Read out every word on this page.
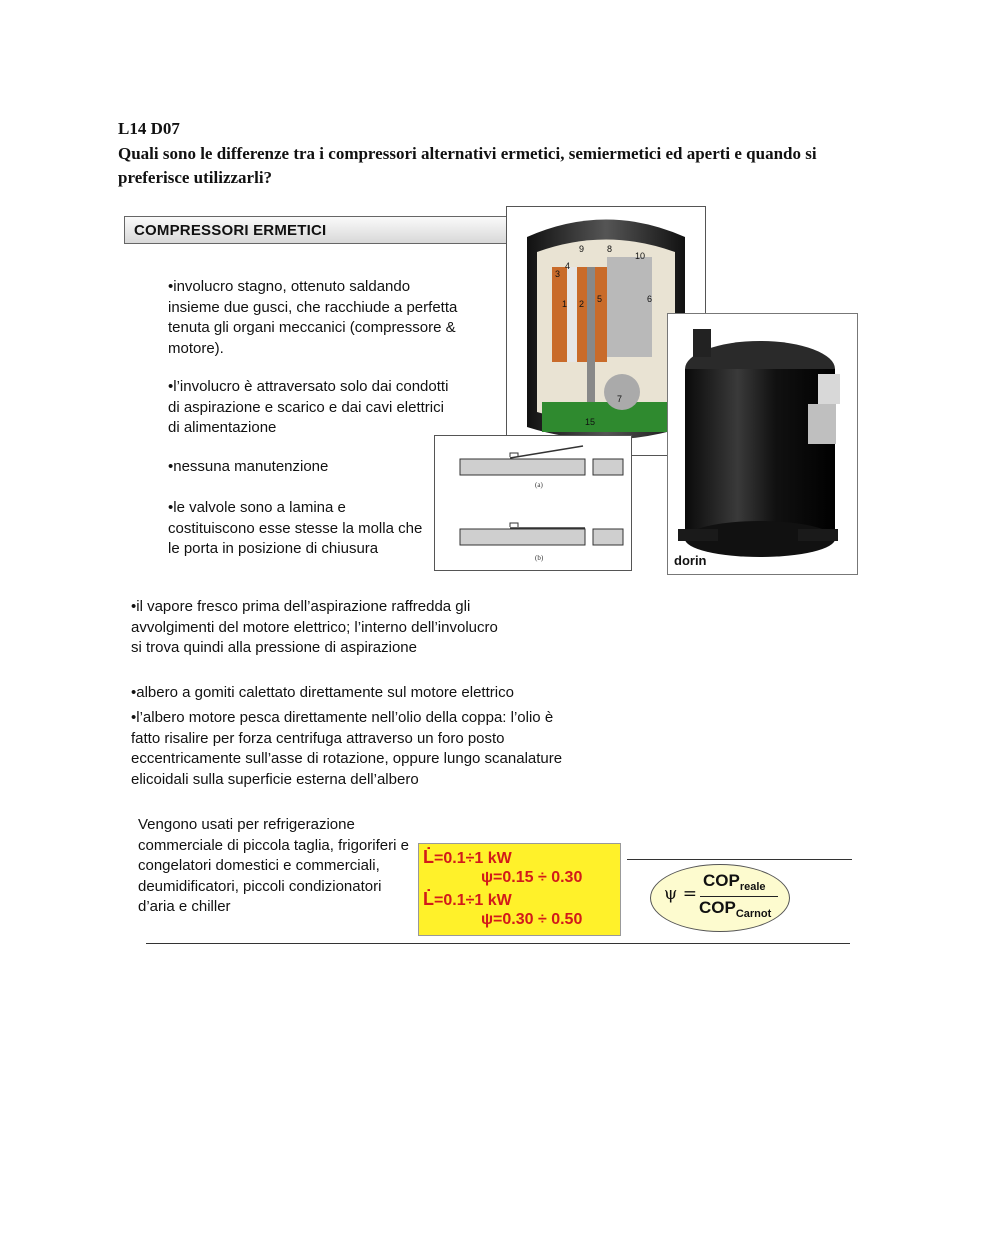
L14 D07
Quali sono le differenze tra i compressori alternativi ermetici, semiermetici ed aperti e quando si preferisce utilizzarli?
COMPRESSORI ERMETICI

•involucro stagno, ottenuto saldando insieme due gusci, che racchiude a perfetta tenuta gli organi meccanici (compressore & motore).

•l’involucro è attraversato solo dai condotti di aspirazione e scarico e dai cavi elettrici di alimentazione

•nessuna manutenzione

•le valvole sono a lamina e costituiscono esse stesse la molla che le porta in posizione di chiusura

•il vapore fresco prima dell’aspirazione raffredda gli avvolgimenti del motore elettrico; l’interno dell’involucro si trova quindi alla pressione di aspirazione

•albero a gomiti calettato direttamente sul motore elettrico

•l’albero motore pesca direttamente nell’olio della coppa: l’olio è fatto risalire per forza centrifuga attraverso un foro posto eccentricamente sull’asse di rotazione, oppure lungo scanalature elicoidali sulla superficie esterna dell’albero

1 2
3
4
5	6
7
8
9
10
15
dorin
(a)
(b)

Vengono usati per refrigerazione commerciale di piccola taglia, frigoriferi e congelatori domestici e commerciali, deumidificatori, piccoli condizionatori d’aria e chiller

L̇=0.1÷1 kW
ψ=0.15 ÷ 0.30
L̇=0.1÷1 kW
ψ=0.30 ÷ 0.50
ψ =
$COP_{reale}$
$COP_{Carnot}$
